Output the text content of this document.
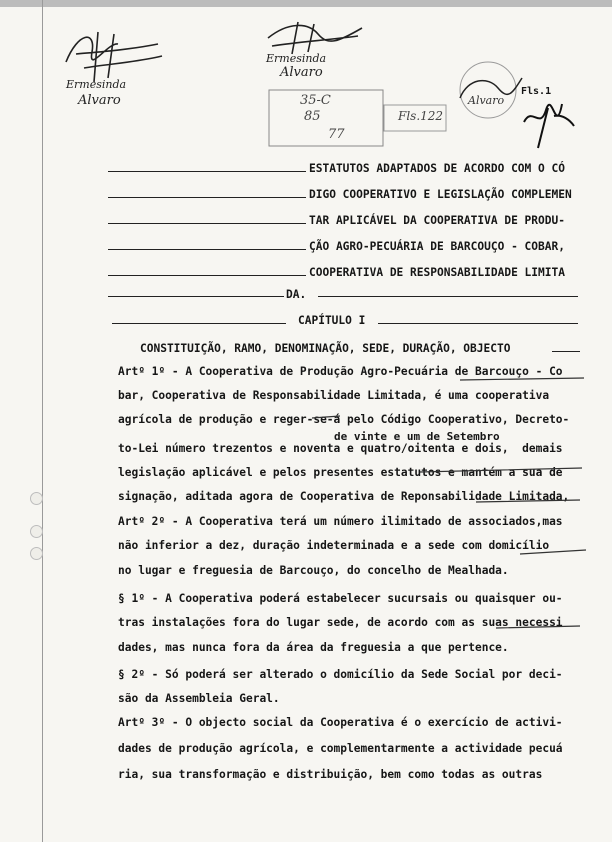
Ermesinda
Alvaro
Ermesinda
Alvaro
35-C
85
77
Fls.122
Alvaro
Fls.1
ESTATUTOS ADAPTADOS DE ACORDO COM O CÓ
DIGO COOPERATIVO E LEGISLAÇÃO COMPLEMEN
TAR APLICÁVEL DA COOPERATIVA DE PRODU-
ÇÃO AGRO-PECUÁRIA DE BARCOUÇO - COBAR,
COOPERATIVA DE RESPONSABILIDADE LIMITA
DA.
CAPÍTULO I
CONSTITUIÇÃO, RAMO, DENOMINAÇÃO, SEDE, DURAÇÃO, OBJECTO
Artº 1º - A Cooperativa de Produção Agro-Pecuária de Barcouço - Co
bar, Cooperativa de Responsabilidade Limitada, é uma cooperativa
agrícola de produção e reger-se-á pelo Código Cooperativo, Decreto-
de vinte e um de Setembro
to-Lei número trezentos e noventa e quatro/oitenta e dois,  demais
legislação aplicável e pelos presentes estatutos e mantém a sua de
signação, aditada agora de Cooperativa de Reponsabilidade Limitada,
Artº 2º - A Cooperativa terá um número ilimitado de associados,mas
não inferior a dez, duração indeterminada e a sede com domicílio
no lugar e freguesia de Barcouço, do concelho de Mealhada.
§ 1º - A Cooperativa poderá estabelecer sucursais ou quaisquer ou-
tras instalações fora do lugar sede, de acordo com as suas necessi
dades, mas nunca fora da área da freguesia a que pertence.
§ 2º - Só poderá ser alterado o domicílio da Sede Social por deci-
são da Assembleia Geral.
Artº 3º - O objecto social da Cooperativa é o exercício de activi-
dades de produção agrícola, e complementarmente a actividade pecuá
ria, sua transformação e distribuição, bem como todas as outras
